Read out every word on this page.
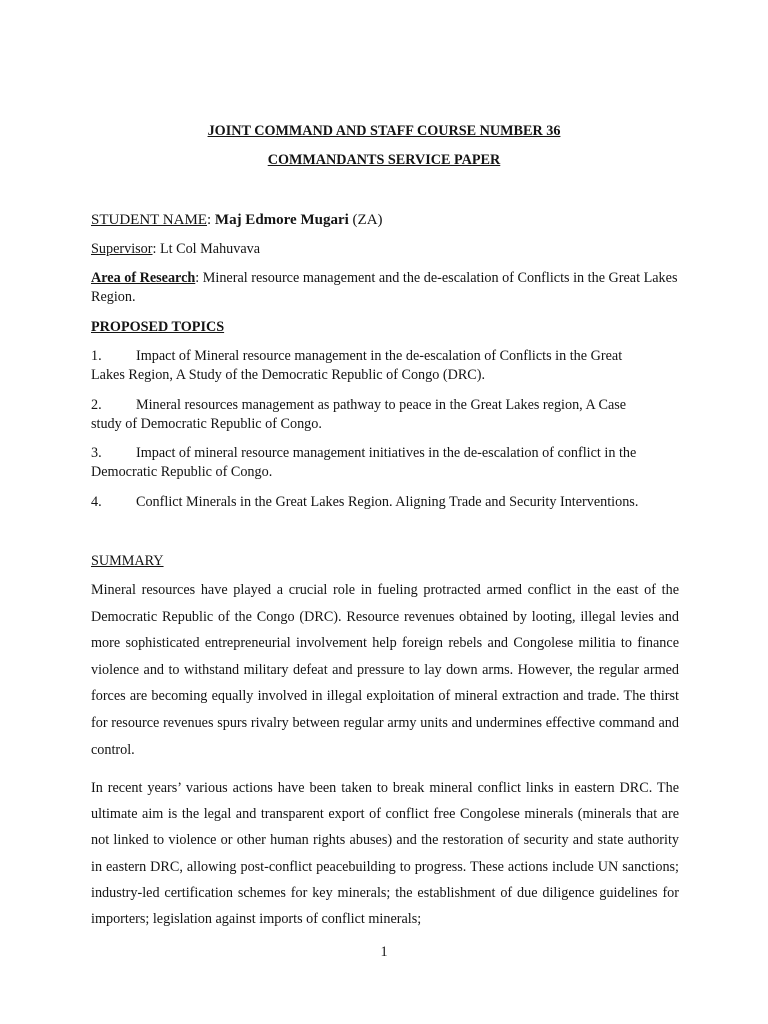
JOINT COMMAND AND STAFF COURSE NUMBER 36
COMMANDANTS SERVICE PAPER
STUDENT NAME: Maj Edmore Mugari (ZA)
Supervisor: Lt Col Mahuvava
Area of Research: Mineral resource management and the de-escalation of Conflicts in the Great Lakes Region.
PROPOSED TOPICS
1. Impact of Mineral resource management in the de-escalation of Conflicts in the Great
Lakes Region, A Study of the Democratic Republic of Congo (DRC).
2. Mineral resources management as pathway to peace in the Great Lakes region, A Case
study of Democratic Republic of Congo.
3. Impact of mineral resource management initiatives in the de-escalation of conflict in the
Democratic Republic of Congo.
4. Conflict Minerals in the Great Lakes Region. Aligning Trade and Security Interventions.
SUMMARY
Mineral resources have played a crucial role in fueling protracted armed conflict in the east of the Democratic Republic of the Congo (DRC). Resource revenues obtained by looting, illegal levies and more sophisticated entrepreneurial involvement help foreign rebels and Congolese militia to finance violence and to withstand military defeat and pressure to lay down arms. However, the regular armed forces are becoming equally involved in illegal exploitation of mineral extraction and trade. The thirst for resource revenues spurs rivalry between regular army units and undermines effective command and control.
In recent years’ various actions have been taken to break mineral conflict links in eastern DRC. The ultimate aim is the legal and transparent export of conflict free Congolese minerals (minerals that are not linked to violence or other human rights abuses) and the restoration of security and state authority in eastern DRC, allowing post-conflict peacebuilding to progress. These actions include UN sanctions; industry-led certification schemes for key minerals; the establishment of due diligence guidelines for importers; legislation against imports of conflict minerals;
1
